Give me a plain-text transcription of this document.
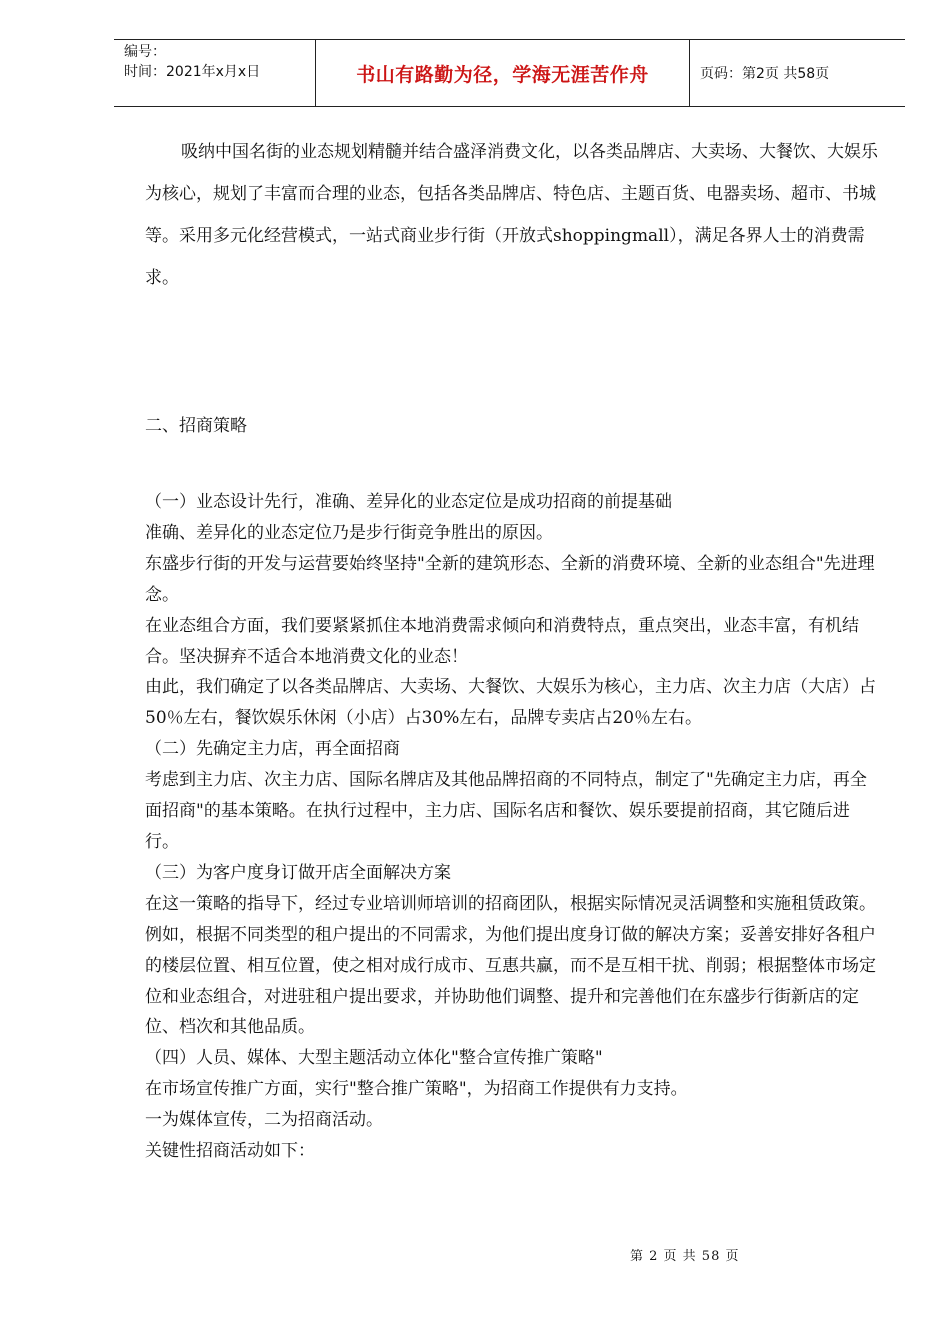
编号：
时间：2021年x月x日	书山有路勤为径，学海无涯苦作舟	页码：第2页 共58页

吸纳中国名街的业态规划精髓并结合盛泽消费文化，以各类品牌店、大卖场、大餐饮、大娱乐为核心，规划了丰富而合理的业态，包括各类品牌店、特色店、主题百货、电器卖场、超市、书城等。采用多元化经营模式，一站式商业步行街（开放式shoppingmall），满足各界人士的消费需求。

二、招商策略

（一）业态设计先行，准确、差异化的业态定位是成功招商的前提基础

准确、差异化的业态定位乃是步行街竞争胜出的原因。

东盛步行街的开发与运营要始终坚持"全新的建筑形态、全新的消费环境、全新的业态组合"先进理念。

在业态组合方面，我们要紧紧抓住本地消费需求倾向和消费特点，重点突出，业态丰富，有机结合。坚决摒弃不适合本地消费文化的业态！

由此，我们确定了以各类品牌店、大卖场、大餐饮、大娱乐为核心，主力店、次主力店（大店）占50％左右，餐饮娱乐休闲（小店）占30%左右，品牌专卖店占20％左右。

（二）先确定主力店，再全面招商

考虑到主力店、次主力店、国际名牌店及其他品牌招商的不同特点，制定了"先确定主力店，再全面招商"的基本策略。在执行过程中，主力店、国际名店和餐饮、娱乐要提前招商，其它随后进行。

（三）为客户度身订做开店全面解决方案

在这一策略的指导下，经过专业培训师培训的招商团队，根据实际情况灵活调整和实施租赁政策。例如，根据不同类型的租户提出的不同需求，为他们提出度身订做的解决方案；妥善安排好各租户的楼层位置、相互位置，使之相对成行成市、互惠共赢，而不是互相干扰、削弱；根据整体市场定位和业态组合，对进驻租户提出要求，并协助他们调整、提升和完善他们在东盛步行街新店的定位、档次和其他品质。

（四）人员、媒体、大型主题活动立体化"整合宣传推广策略"

在市场宣传推广方面，实行"整合推广策略"，为招商工作提供有力支持。

一为媒体宣传，二为招商活动。

关键性招商活动如下：

第 2 页 共 58 页
